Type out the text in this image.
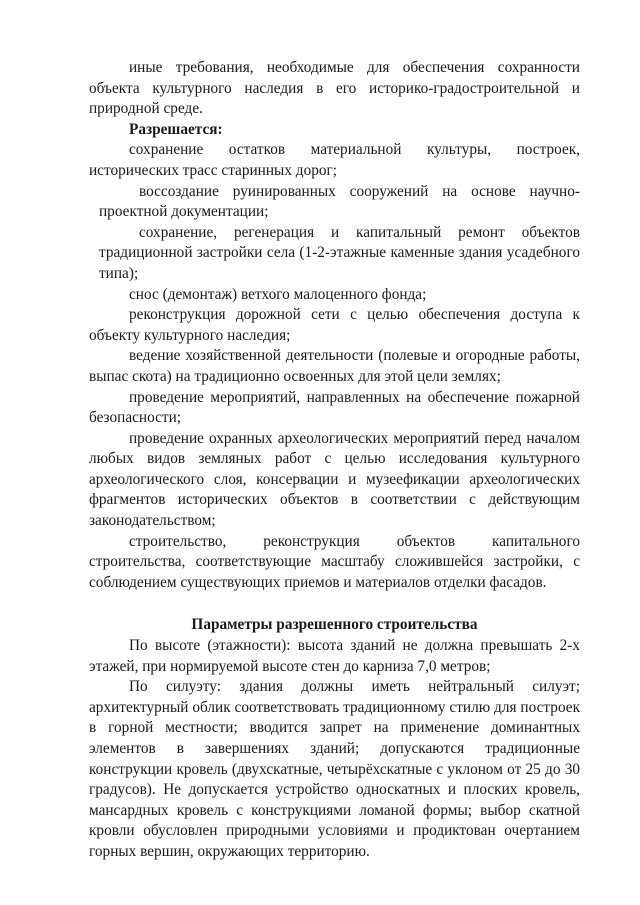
иные требования, необходимые для обеспечения сохранности объекта культурного наследия в его историко-градостроительной и природной среде.

Разрешается:

сохранение остатков материальной культуры, построек, исторических трасс старинных дорог;

воссоздание руинированных сооружений на основе научно-проектной документации;

сохранение, регенерация и капитальный ремонт объектов традиционной застройки села (1-2-этажные каменные здания усадебного типа);

снос (демонтаж) ветхого малоценного фонда;

реконструкция дорожной сети с целью обеспечения доступа к объекту культурного наследия;

ведение хозяйственной деятельности (полевые и огородные работы, выпас скота) на традиционно освоенных для этой цели землях;

проведение мероприятий, направленных на обеспечение пожарной безопасности;

проведение охранных археологических мероприятий перед началом любых видов земляных работ с целью исследования культурного археологического слоя, консервации и музеефикации археологических фрагментов исторических объектов в соответствии с действующим законодательством;

строительство, реконструкция объектов капитального строительства, соответствующие масштабу сложившейся застройки, с соблюдением существующих приемов и материалов отделки фасадов.

Параметры разрешенного строительства

По высоте (этажности): высота зданий не должна превышать 2-х этажей, при нормируемой высоте стен до карниза 7,0 метров;

По силуэту: здания должны иметь нейтральный силуэт; архитектурный облик соответствовать традиционному стилю для построек в горной местности; вводится запрет на применение доминантных элементов в завершениях зданий; допускаются традиционные конструкции кровель (двухскатные, четырёхскатные с уклоном от 25 до 30 градусов). Не допускается устройство односкатных и плоских кровель, мансардных кровель с конструкциями ломаной формы; выбор скатной кровли обусловлен природными условиями и продиктован очертанием горных вершин, окружающих территорию.
